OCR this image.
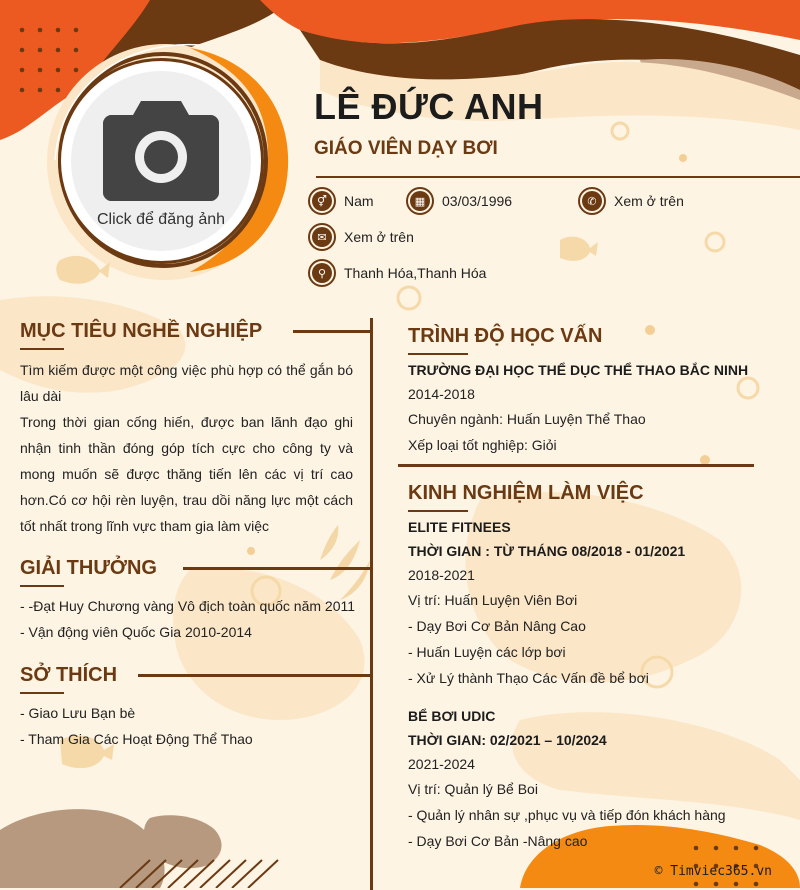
Click để đăng ảnh
LÊ ĐỨC ANH
GIÁO VIÊN DẠY BƠI
⚥	Nam	▦	03/03/1996	✆	Xem ở trên
✉	Xem ở trên
⚲	Thanh Hóa,Thanh Hóa
MỤC TIÊU NGHỀ NGHIỆP
Tìm kiếm được một công việc phù hợp có thể gắn bó lâu dài
Trong thời gian cống hiến, được ban lãnh đạo ghi nhận tinh thần đóng góp tích cực cho công ty và mong muốn sẽ được thăng tiến lên các vị trí cao hơn.Có cơ hội rèn luyện, trau dồi năng lực một cách tốt nhất trong lĩnh vực tham gia làm việc
GIẢI THƯỞNG
- -Đạt Huy Chương vàng Vô địch toàn quốc năm 2011
- Vận động viên Quốc Gia 2010-2014
SỞ THÍCH
- Giao Lưu Bạn bè
- Tham Gia Các Hoạt Động Thể Thao
TRÌNH ĐỘ HỌC VẤN
TRƯỜNG ĐẠI HỌC THỂ DỤC THỂ THAO BẮC NINH
2014-2018
Chuyên ngành: Huấn Luyện Thể Thao
Xếp loại tốt nghiệp: Giỏi
KINH NGHIỆM LÀM VIỆC
ELITE FITNEES
THỜI GIAN : TỪ THÁNG 08/2018 - 01/2021
2018-2021
Vị trí: Huấn Luyện Viên Bơi
- Dạy Bơi Cơ Bản Nâng Cao
- Huấn Luyện các lớp bơi
- Xử Lý thành Thạo Các Vấn đề bể bơi
BỂ BƠI UDIC
THỜI GIAN: 02/2021 – 10/2024
2021-2024
Vị trí: Quản lý Bể Boi
- Quản lý nhân sự ,phục vụ và tiếp đón khách hàng
- Dạy Bơi Cơ Bản -Nâng cao
© Timviec365.vn
